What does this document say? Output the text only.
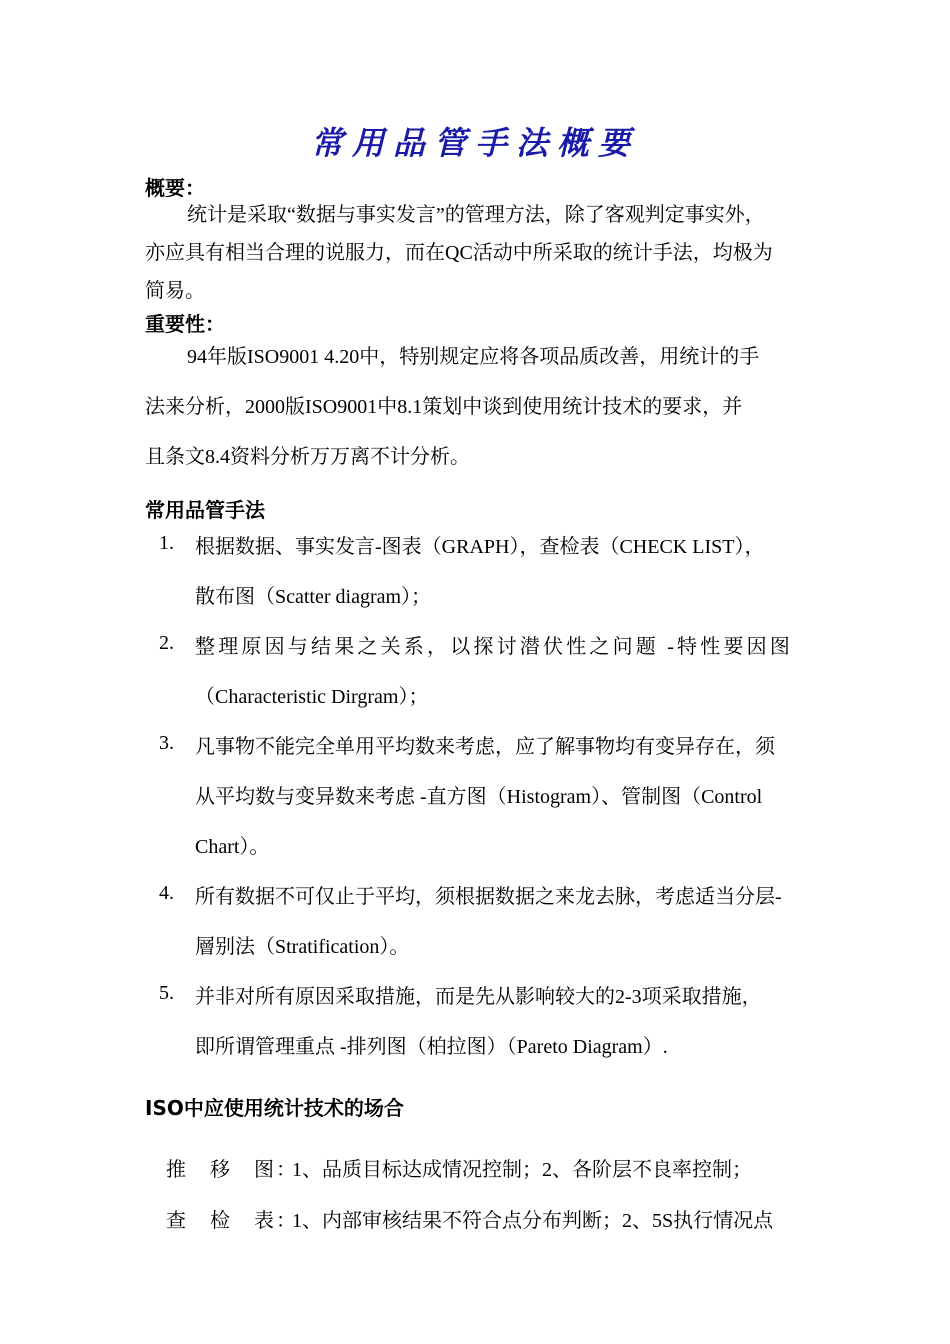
常用品管手法概要
概要：
统计是采取“数据与事实发言”的管理方法，除了客观判定事实外，
亦应具有相当合理的说服力，而在QC活动中所采取的统计手法，均极为
简易。
重要性：
94年版ISO9001 4.20中，特别规定应将各项品质改善，用统计的手
法来分析，2000版ISO9001中8.1策划中谈到使用统计技术的要求，并
且条文8.4资料分析万万离不计分析。
常用品管手法
1.	根据数据、事实发言-图表（GRAPH），查检表（CHECK LIST），
散布图（Scatter diagram）；
2.	整理原因与结果之关系，以探讨潜伏性之问题 -特性要因图
（Characteristic Dirgram）；
3.	凡事物不能完全单用平均数来考虑，应了解事物均有变异存在，须
从平均数与变异数来考虑 -直方图（Histogram）、管制图（Control
Chart）。
4.	所有数据不可仅止于平均，须根据数据之来龙去脉，考虑适当分层-
層别法（Stratification）。
5.	并非对所有原因采取措施，而是先从影响较大的2-3项采取措施，
即所谓管理重点 -排列图（柏拉图）（Pareto Diagram）.
ISO中应使用统计技术的场合
推　移　图：1、品质目标达成情况控制；2、各阶层不良率控制；
查　检　表：1、内部审核结果不符合点分布判断；2、5S执行情况点
